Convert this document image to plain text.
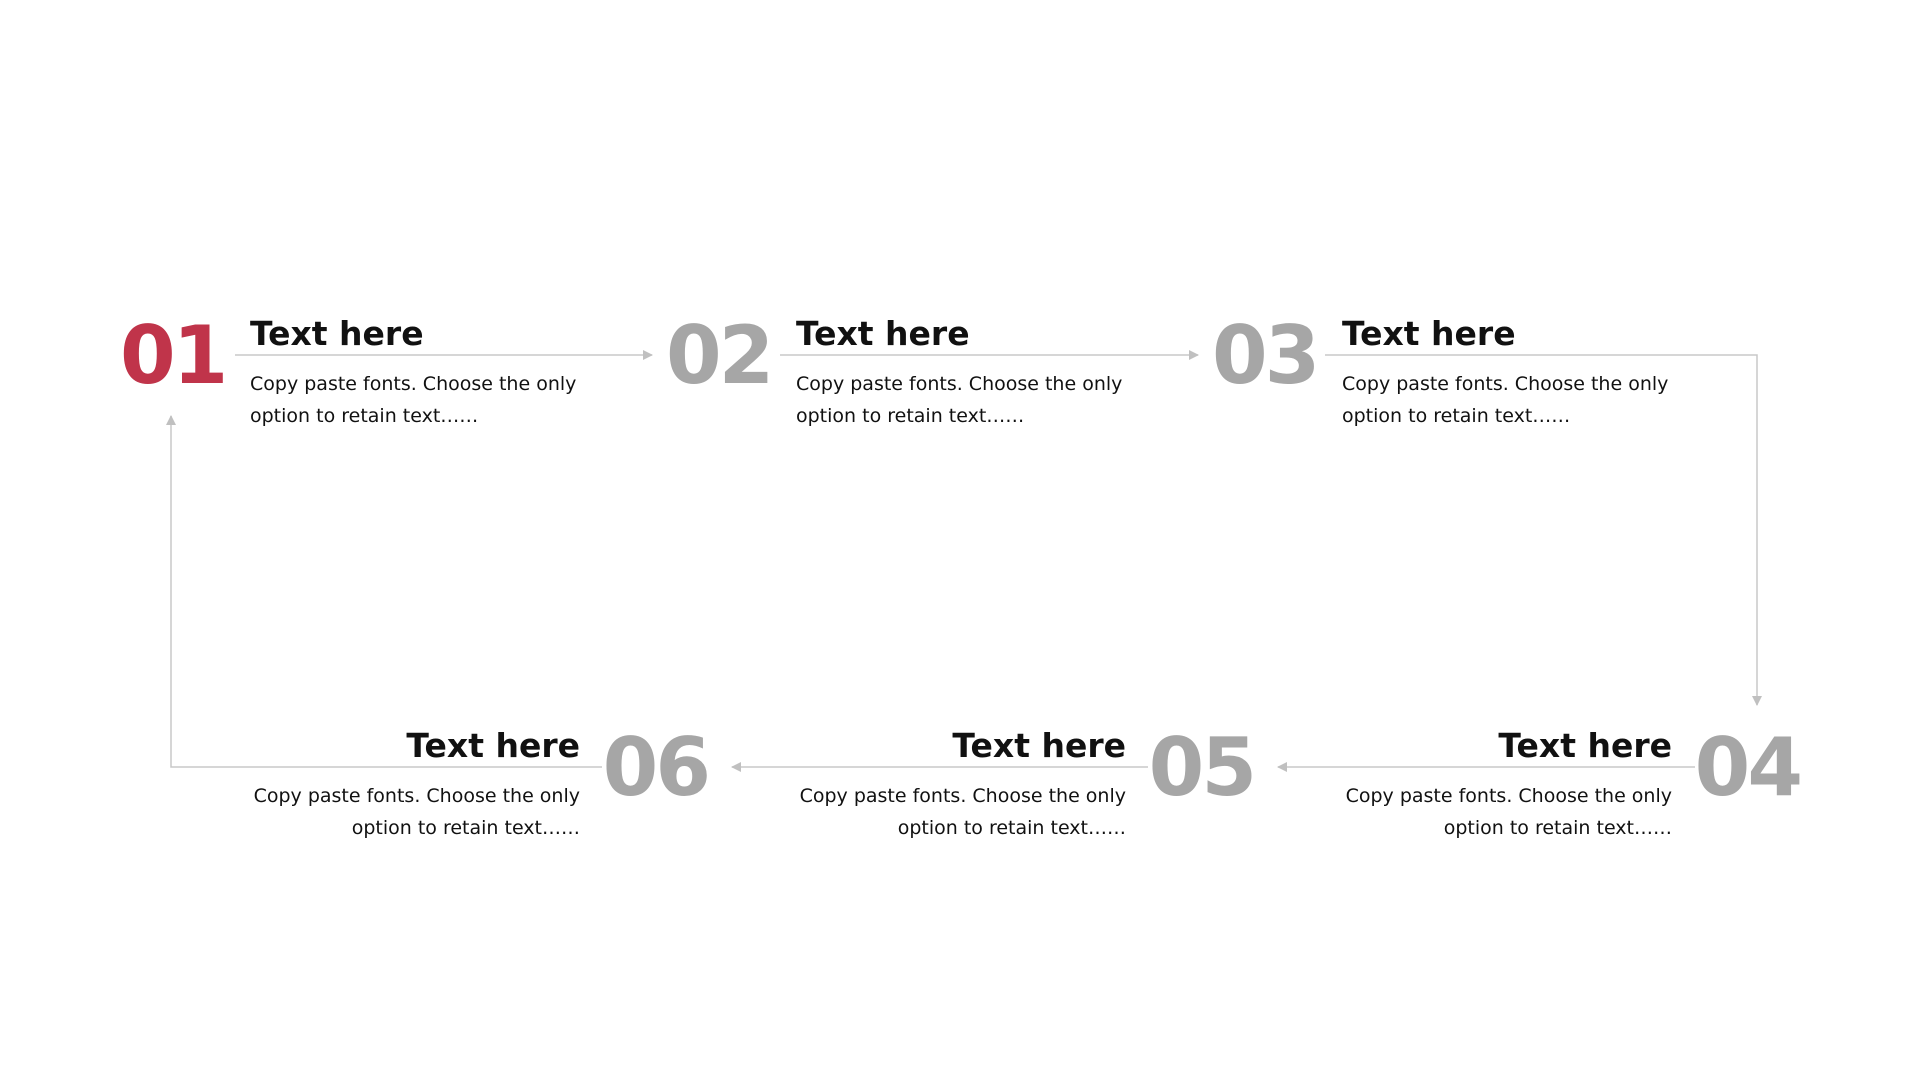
01 Text here

Copy paste fonts. Choose the only option to retain text……

02 Text here

Copy paste fonts. Choose the only option to retain text……

03 Text here

Copy paste fonts. Choose the only option to retain text……

04

Text here

Copy paste fonts. Choose the only option to retain text……

05

Text here

Copy paste fonts. Choose the only option to retain text……

06

Text here

Copy paste fonts. Choose the only option to retain text……
